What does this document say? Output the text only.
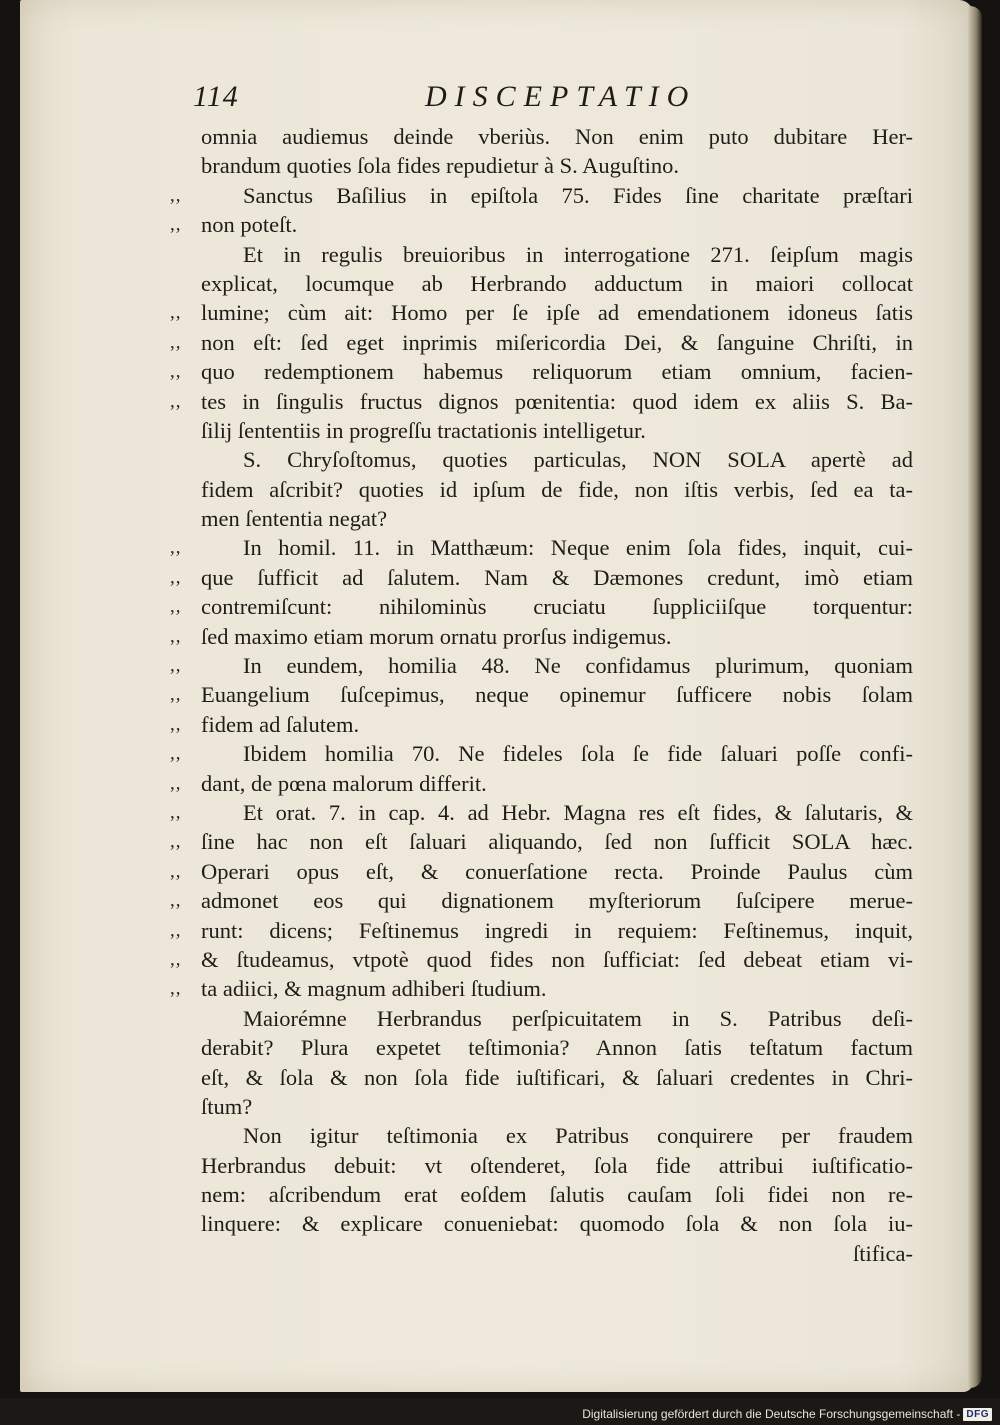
114	DISCEPTATIO
omnia audiemus deinde vberiùs. Non enim puto dubitare Her-
brandum quoties ſola fides repudietur à S. Auguſtino.
,,	Sanctus Baſilius in epiſtola 75. Fides ſine charitate præſtari
,, non poteſt.
Et in regulis breuioribus in interrogatione 271. ſeipſum magis
explicat, locumque ab Herbrando adductum in maiori collocat
,, lumine; cùm ait: Homo per ſe ipſe ad emendationem idoneus ſatis
,, non eſt: ſed eget inprimis miſericordia Dei, & ſanguine Chriſti, in
,, quo redemptionem habemus reliquorum etiam omnium, facien-
,, tes in ſingulis fructus dignos pœnitentia: quod idem ex aliis S. Ba-
ſilij ſententiis in progreſſu tractationis intelligetur.
S. Chryſoſtomus, quoties particulas, NON SOLA apertè ad
fidem aſcribit? quoties id ipſum de fide, non iſtis verbis, ſed ea ta-
men ſententia negat?
,,	In homil. 11. in Matthæum: Neque enim ſola fides, inquit, cui-
,, que ſufficit ad ſalutem. Nam & Dæmones credunt, imò etiam
,, contremiſcunt: nihilominùs cruciatu ſuppliciiſque torquentur:
,, ſed maximo etiam morum ornatu prorſus indigemus.
,,	In eundem, homilia 48. Ne confidamus plurimum, quoniam
,, Euangelium ſuſcepimus, neque opinemur ſufficere nobis ſolam
,, fidem ad ſalutem.
,,	Ibidem homilia 70. Ne fideles ſola ſe fide ſaluari poſſe confi-
,, dant, de pœna malorum differit.
,,	Et orat. 7. in cap. 4. ad Hebr. Magna res eſt fides, & ſalutaris, &
,, ſine hac non eſt ſaluari aliquando, ſed non ſufficit SOLA hæc.
,, Operari opus eſt, & conuerſatione recta. Proinde Paulus cùm
,, admonet eos qui dignationem myſteriorum ſuſcipere merue-
,, runt: dicens; Feſtinemus ingredi in requiem: Feſtinemus, inquit,
,, & ſtudeamus, vtpotè quod fides non ſufficiat: ſed debeat etiam vi-
,, ta adiici, & magnum adhiberi ſtudium.
Maiorémne Herbrandus perſpicuitatem in S. Patribus deſi-
derabit? Plura expetet teſtimonia? Annon ſatis teſtatum factum
eſt, & ſola & non ſola fide iuſtificari, & ſaluari credentes in Chri-
ſtum?
Non igitur teſtimonia ex Patribus conquirere per fraudem
Herbrandus debuit: vt oſtenderet, ſola fide attribui iuſtificatio-
nem: aſcribendum erat eoſdem ſalutis cauſam ſoli fidei non re-
linquere: & explicare conueniebat: quomodo ſola & non ſola iu-
ſtifica-
Digitalisierung gefördert durch die Deutsche Forschungsgemeinschaft - DFG
